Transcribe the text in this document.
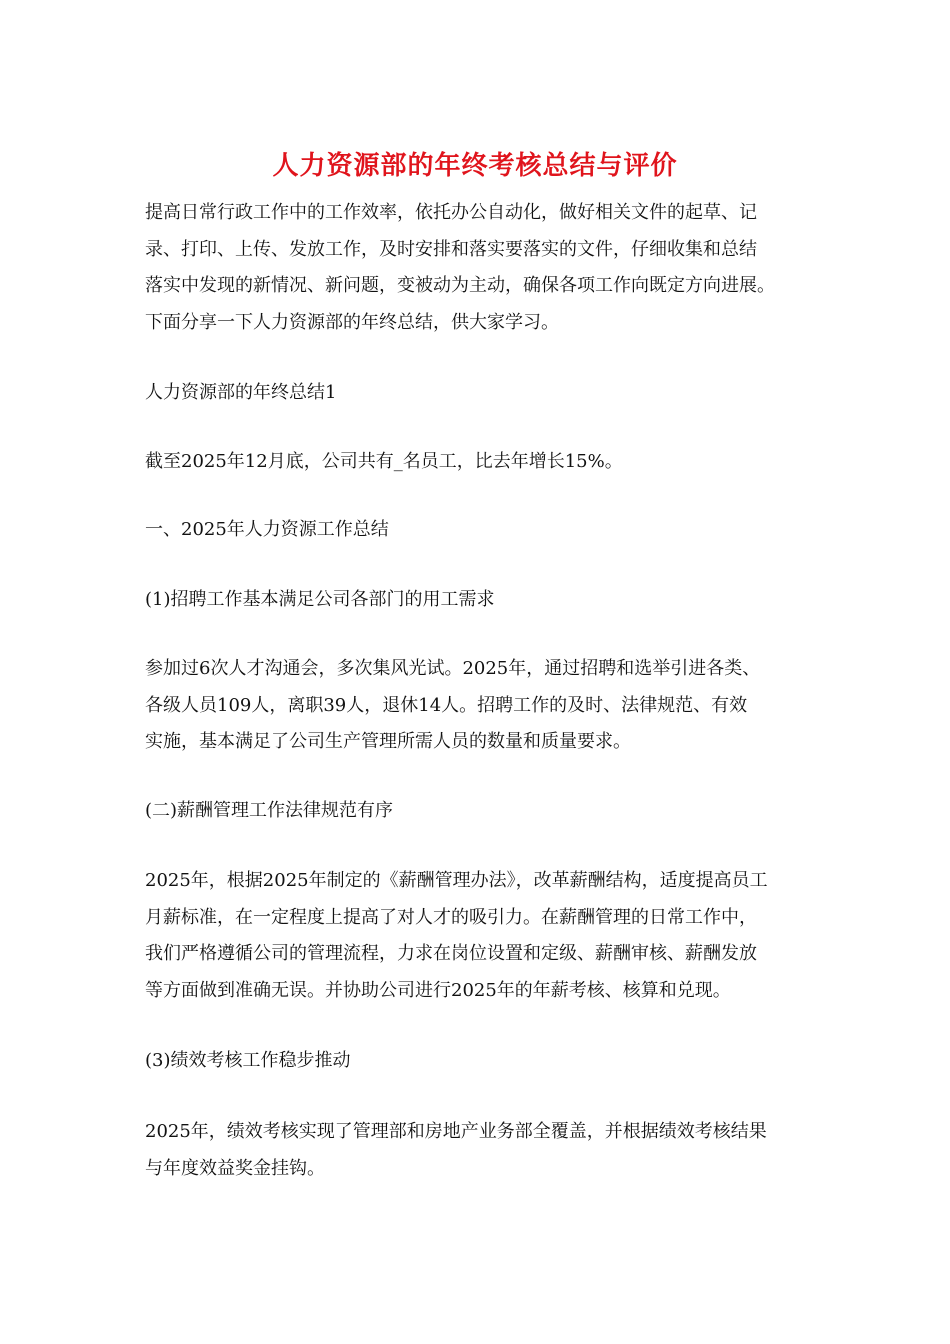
人力资源部的年终考核总结与评价
提高日常行政工作中的工作效率，依托办公自动化，做好相关文件的起草、记
录、打印、上传、发放工作，及时安排和落实要落实的文件，仔细收集和总结
落实中发现的新情况、新问题，变被动为主动，确保各项工作向既定方向进展。
下面分享一下人力资源部的年终总结，供大家学习。
人力资源部的年终总结1
截至2025年12月底，公司共有_名员工，比去年增长15%。
一、2025年人力资源工作总结
(1)招聘工作基本满足公司各部门的用工需求
参加过6次人才沟通会，多次集风光试。2025年，通过招聘和选举引进各类、
各级人员109人，离职39人，退休14人。招聘工作的及时、法律规范、有效
实施，基本满足了公司生产管理所需人员的数量和质量要求。
(二)薪酬管理工作法律规范有序
2025年，根据2025年制定的《薪酬管理办法》，改革薪酬结构，适度提高员工
月薪标准，在一定程度上提高了对人才的吸引力。在薪酬管理的日常工作中，
我们严格遵循公司的管理流程，力求在岗位设置和定级、薪酬审核、薪酬发放
等方面做到准确无误。并协助公司进行2025年的年薪考核、核算和兑现。
(3)绩效考核工作稳步推动
2025年，绩效考核实现了管理部和房地产业务部全覆盖，并根据绩效考核结果
与年度效益奖金挂钩。
